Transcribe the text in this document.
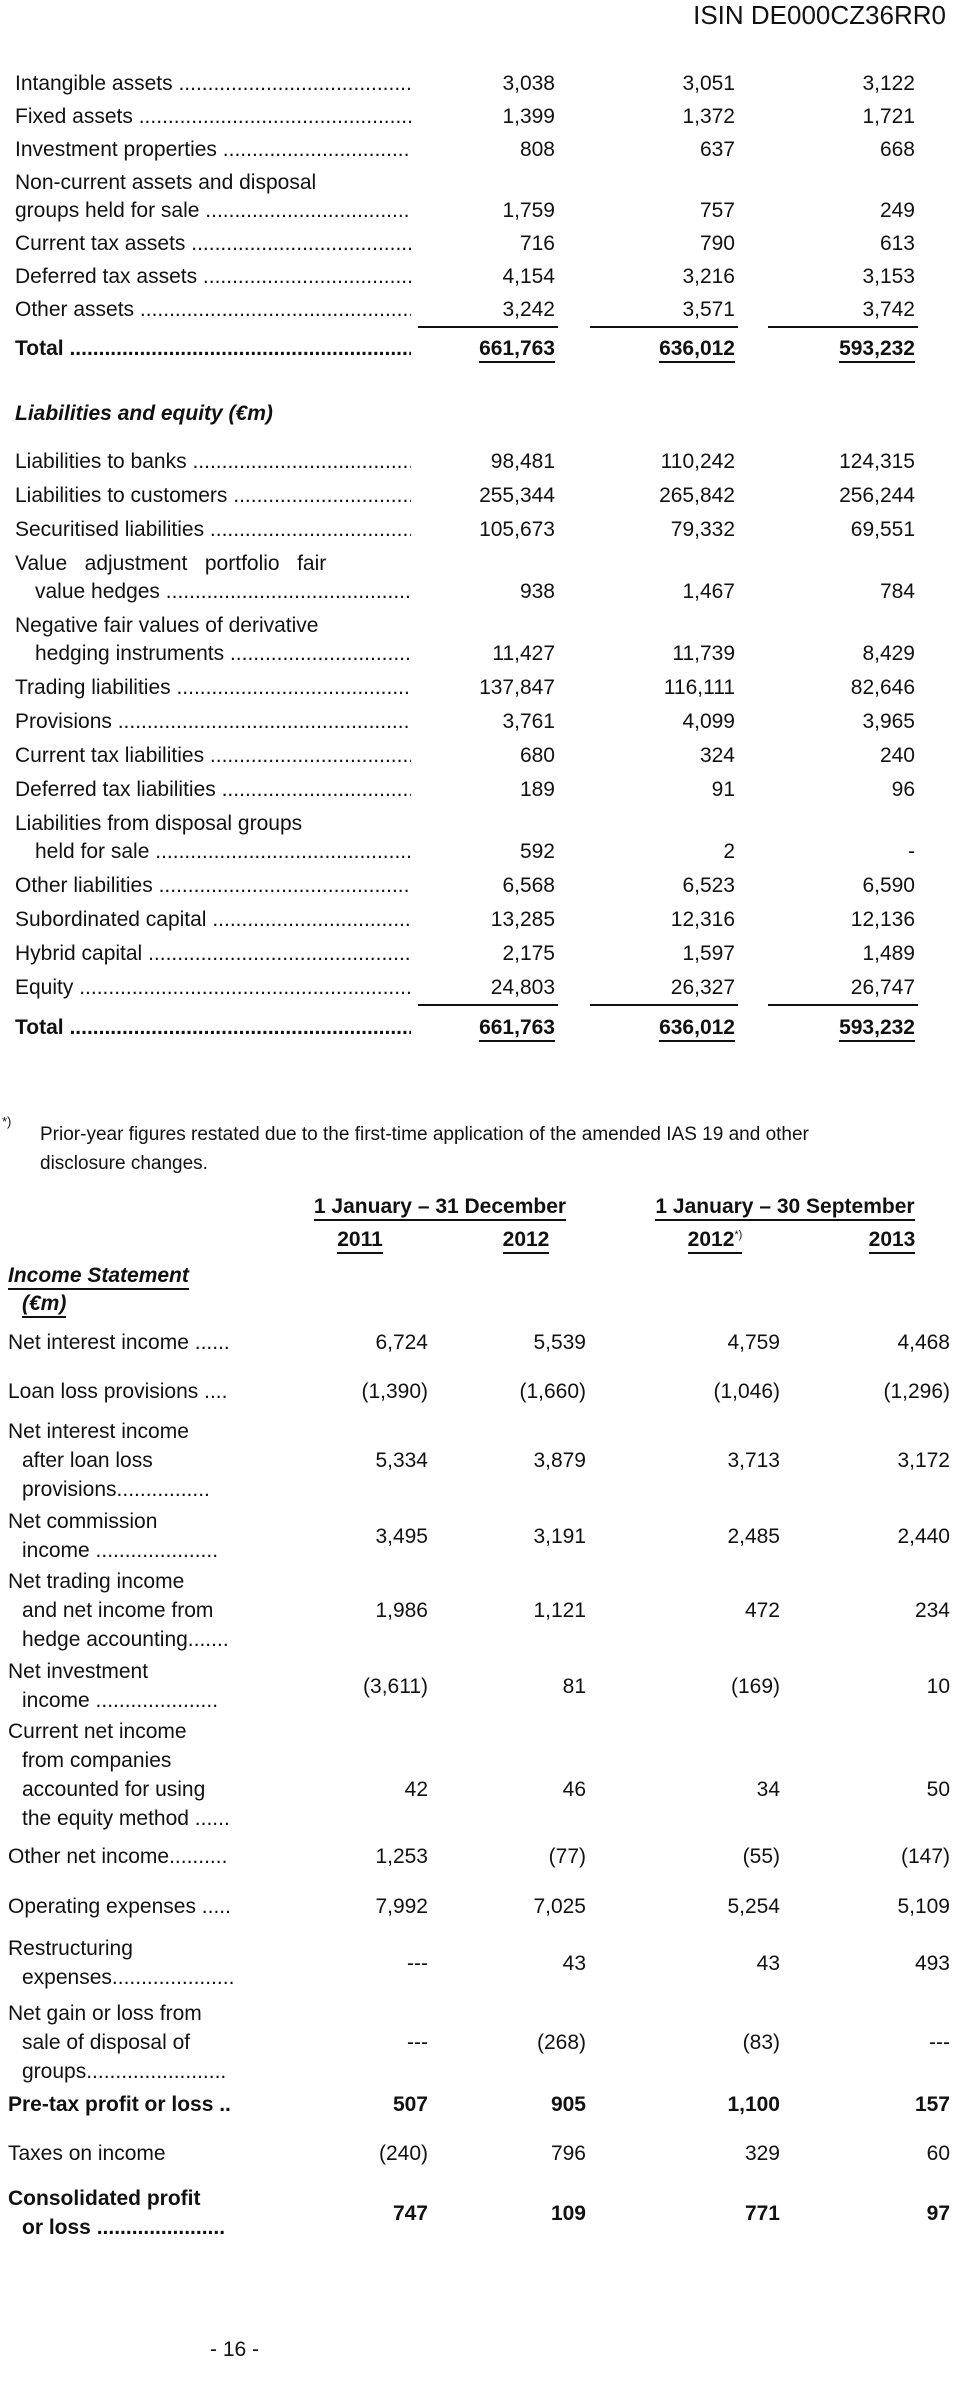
ISIN DE000CZ36RR0
Intangible assets .....	3,038	3,051	3,122
Fixed assets .....	1,399	1,372	1,721
Investment properties .....	808	637	668
Non-current assets and disposal
groups held for sale .....	1,759	757	249
Current tax assets .....	716	790	613
Deferred tax assets .....	4,154	3,216	3,153
Other assets .....	3,242	3,571	3,742
Total .....	661,763	636,012	593,232
Liabilities and equity (€m)
Liabilities to banks .....	98,481	110,242	124,315
Liabilities to customers .....	255,344	265,842	256,244
Securitised liabilities .....	105,673	79,332	69,551
Value   adjustment   portfolio   fair
value hedges .....	938	1,467	784
Negative fair values of derivative
hedging instruments .....	11,427	11,739	8,429
Trading liabilities .....	137,847	116,111	82,646
Provisions .....	3,761	4,099	3,965
Current tax liabilities .....	680	324	240
Deferred tax liabilities .....	189	91	96
Liabilities from disposal groups
held for sale .....	592	2	-
Other liabilities .....	6,568	6,523	6,590
Subordinated capital .....	13,285	12,316	12,136
Hybrid capital .....	2,175	1,597	1,489
Equity .....	24,803	26,327	26,747
Total .....	661,763	636,012	593,232
*)
Prior-year figures restated due to the first-time application of the amended IAS 19 and other
disclosure changes.
1 January – 31 December	1 January – 30 September
2011	2012	2012*)	2013
Income Statement
(€m)
Net interest income ......	6,724	5,539	4,759	4,468
Loan loss provisions ....	(1,390)	(1,660)	(1,046)	(1,296)
Net interest income
after loan loss
provisions................
5,334	3,879	3,713	3,172
Net commission
income .....................
3,495	3,191	2,485	2,440
Net trading income
and net income from
hedge accounting.......
1,986	1,121	472	234
Net investment
income .....................
(3,611)	81	(169)	10
Current net income
from companies
accounted for using
the equity method ......
42	46	34	50
Other net income..........	1,253	(77)	(55)	(147)
Operating expenses .....	7,992	7,025	5,254	5,109
Restructuring
expenses.....................
---	43	43	493
Net gain or loss from
sale of disposal of
groups........................
---	(268)	(83)	---
Pre-tax profit or loss ..	507	905	1,100	157
Taxes on income	(240)	796	329	60
Consolidated profit
or loss ......................
747	109	771	97
- 16 -
